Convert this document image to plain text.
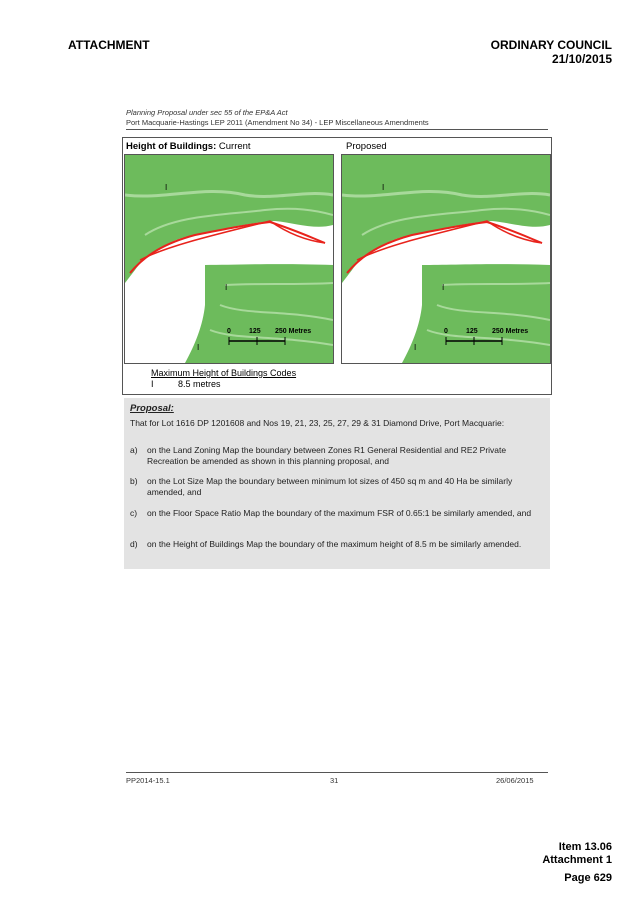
ATTACHMENT	ORDINARY COUNCIL
21/10/2015
Planning Proposal under sec 55 of the EP&A Act
Port Macquarie-Hastings LEP 2011 (Amendment No 34) - LEP Miscellaneous Amendments
Height of Buildings: Current	Proposed
I
I
I
0	125 250 Metres
I
I
I
0	125 250 Metres
Maximum Height of Buildings Codes
I	8.5 metres
Proposal:
That for Lot 1616 DP 1201608 and Nos 19, 21, 23, 25, 27, 29 & 31 Diamond Drive, Port Macquarie:
a) on the Land Zoning Map the boundary between Zones R1 General Residential and RE2 Private Recreation be amended as shown in this planning proposal, and
b) on the Lot Size Map the boundary between minimum lot sizes of 450 sq m and 40 Ha be similarly amended, and
c) on the Floor Space Ratio Map the boundary of the maximum FSR of 0.65:1 be similarly amended, and
d) on the Height of Buildings Map the boundary of the maximum height of 8.5 m be similarly amended.
PP2014-15.1	31	26/06/2015
Item 13.06
Attachment 1
Page 629
